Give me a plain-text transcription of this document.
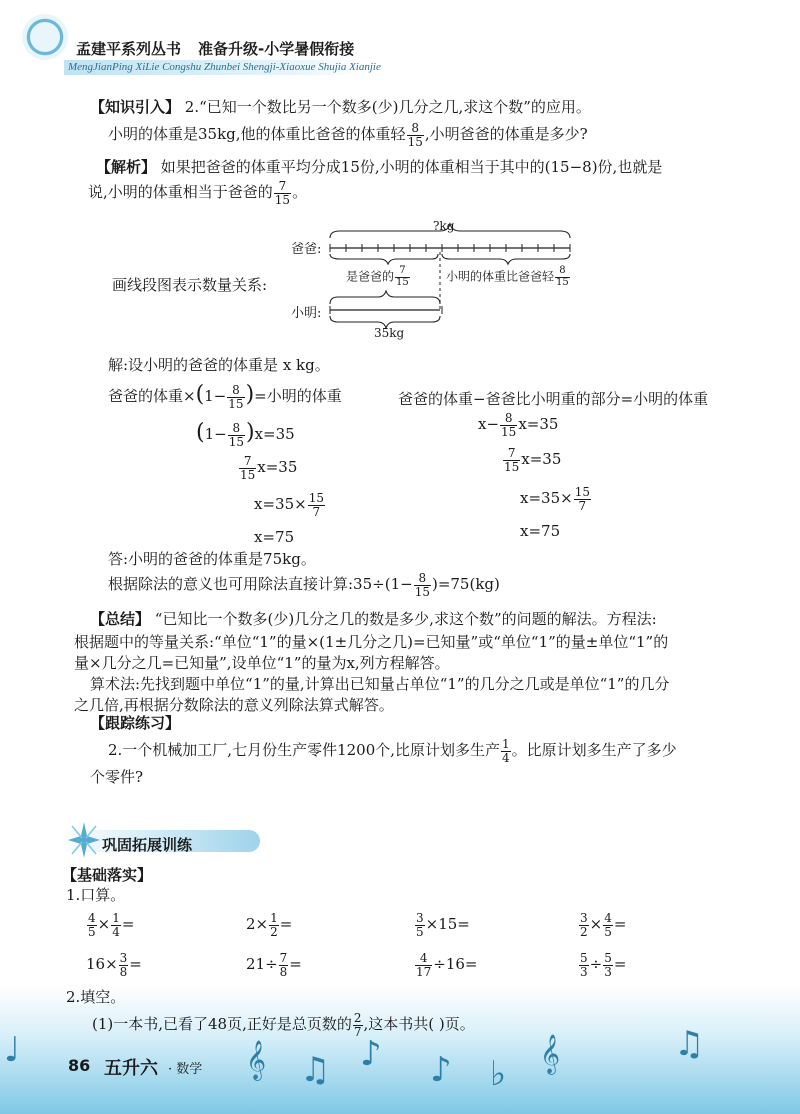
孟建平系列丛书 准备升级-小学暑假衔接
MengJianPing XiLie Congshu Zhunbei Shengji-Xiaoxue Shujia Xianjie
【知识引入】 2.“已知一个数比另一个数多(少)几分之几,求这个数”的应用。
小明的体重是35kg,他的体重比爸爸的体重轻 $\frac{8}{15}$ ,小明爸爸的体重是多少?
【解析】 如果把爸爸的体重平均分成15份,小明的体重相当于其中的(15−8)份,也就是
说,小明的体重相当于爸爸的 $\frac{7}{15}$ 。
画线段图表示数量关系:
爸爸:
小明:
?kg
是爸爸的 $\frac{7}{15}$	小明的体重比爸爸轻 $\frac{8}{15}$
35kg
解:设小明的爸爸的体重是 x kg。
爸爸的体重$\times(1- \frac{8}{15}$ )=小明的体重
$(1- \frac{8}{15} )x=35$
$\frac{7}{15} x=35$
$x=35\times \frac{15}{7}$
x=75
爸爸的体重−爸爸比小明重的部分=小明的体重
$x- \frac{8}{15} x=35$
$\frac{7}{15} x=35$
$x=35\times \frac{15}{7}$
x=75
答:小明的爸爸的体重是75kg。
根据除法的意义也可用除法直接计算:35÷(1− $\frac{8}{15} )=75(kg)$
【总结】 “已知比一个数多(少)几分之几的数是多少,求这个数”的问题的解法。方程法:
根据题中的等量关系:“单位“1”的量×(1±几分之几)=已知量”或“单位“1”的量±单位“1”的
量×几分之几=已知量”,设单位“1”的量为x,列方程解答。
算术法:先找到题中单位“1”的量,计算出已知量占单位“1”的几分之几或是单位“1”的几分
之几倍,再根据分数除法的意义列除法算式解答。
【跟踪练习】
2.一个机械加工厂,七月份生产零件1200个,比原计划多生产 $\frac{1}{4}$ 。比原计划多生产了多少
个零件?
巩固拓展训练
【基础落实】
1.口算。
$\frac{4}{5} \times \frac{1}{4}$ =	$2\times \frac{1}{2}$ =	$\frac{3}{5} \times 15=$	$\frac{3}{2} \times \frac{4}{5}$ =
$16\times \frac{3}{8}$ =	$21\div \frac{7}{8}$ =	$\frac{4}{17} \div 16=$	$\frac{5}{3} \div \frac{5}{3}$ =
2.填空。
(1)一本书,已看了48页,正好是总页数的 $\frac{2}{7}$ ,这本书共( )页。
♩	♫ ♪ ♪ ♭ 𝄞
𝄞	♫
86 五升六 · 数学
